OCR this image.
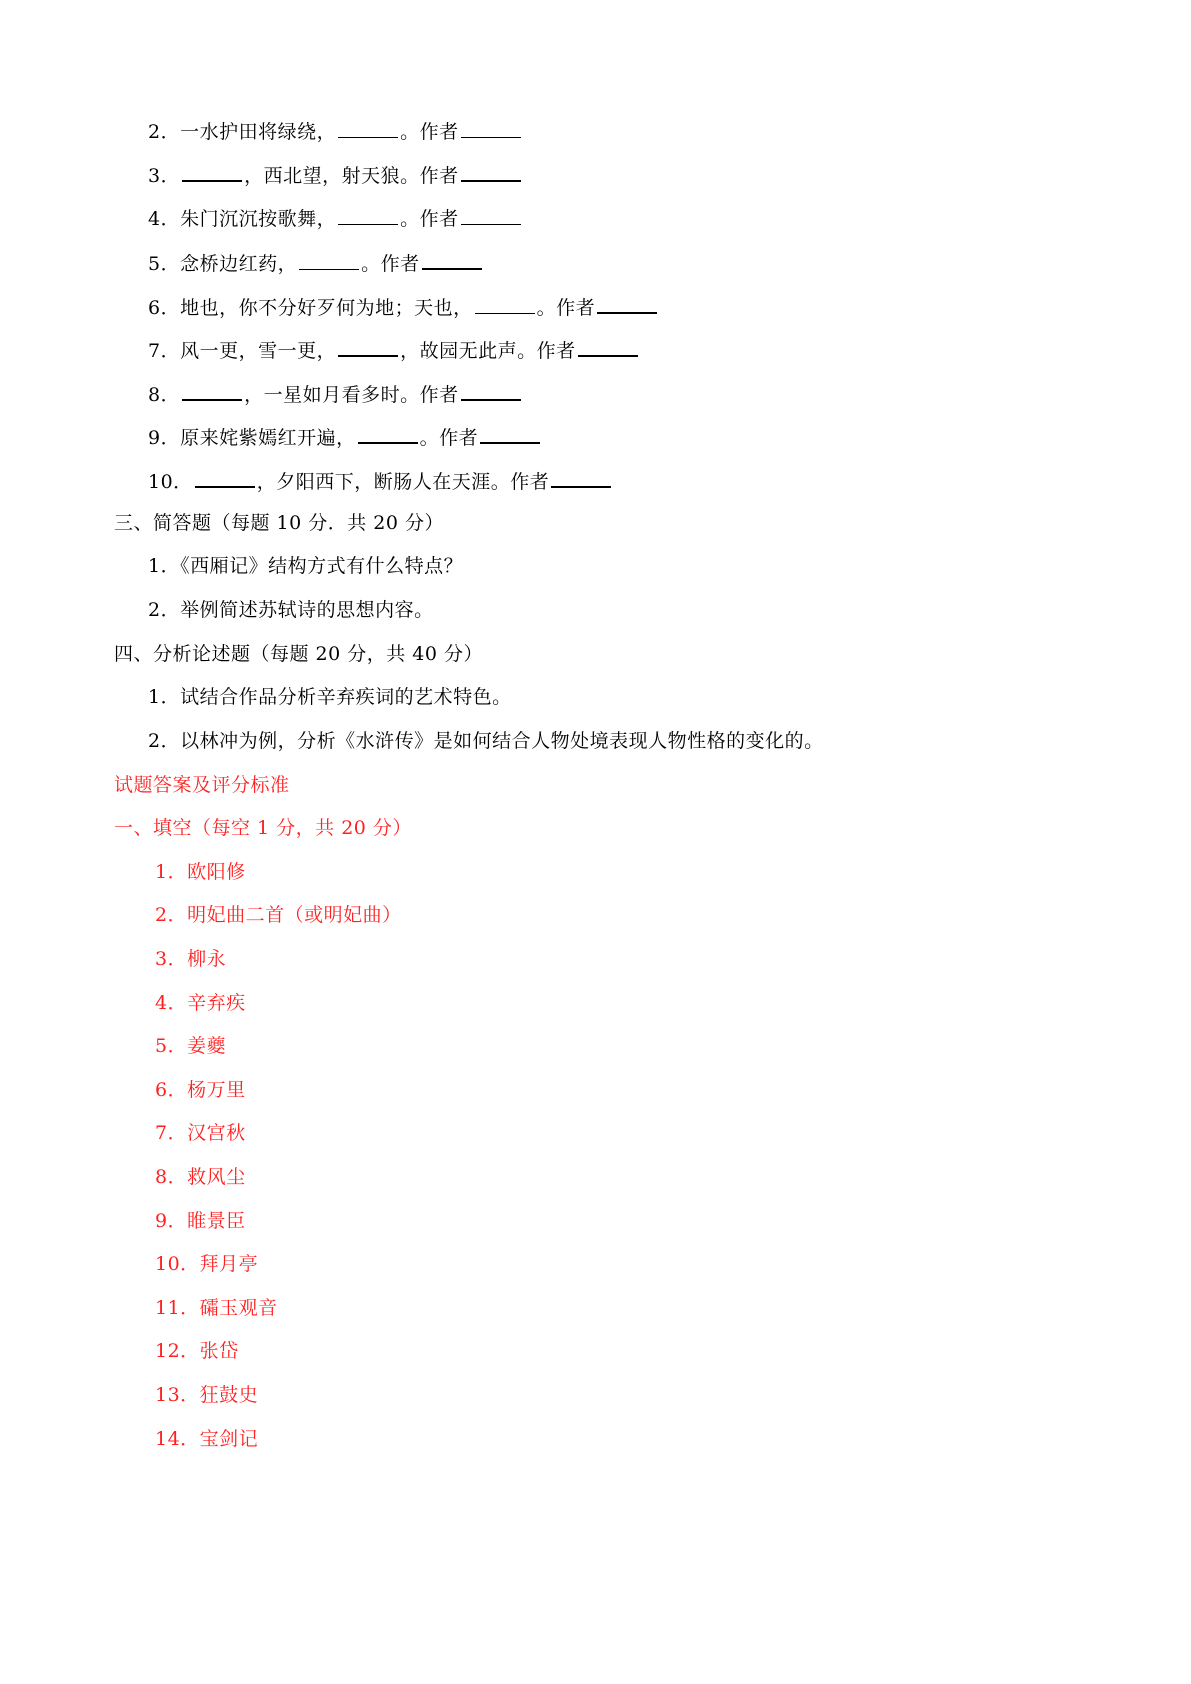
2．一水护田将绿绕，	。作者
3．	，西北望，射天狼。作者
4．朱门沉沉按歌舞，	。作者
5．念桥边红药，	。作者
6．地也，你不分好歹何为地；天也，	。作者
7．风一更，雪一更，	，故园无此声。作者
8．	，一星如月看多时。作者
9．原来姹紫嫣红开遍，	。作者
10．	，夕阳西下，断肠人在天涯。作者
三、简答题（每题 10 分．共 20 分）
1．《西厢记》结构方式有什么特点？
2．举例简述苏轼诗的思想内容。
四、分析论述题（每题 20 分，共 40 分）
1．试结合作品分析辛弃疾词的艺术特色。
2．以林冲为例，分析《水浒传》是如何结合人物处境表现人物性格的变化的。
试题答案及评分标准
一、填空（每空 1 分，共 20 分）
1．欧阳修
2．明妃曲二首（或明妃曲）
3．柳永
4．辛弃疾
5．姜夔
6．杨万里
7．汉宫秋
8．救风尘
9．睢景臣
10．拜月亭
11．礵玉观音
12．张岱
13．狂鼓史
14．宝剑记
